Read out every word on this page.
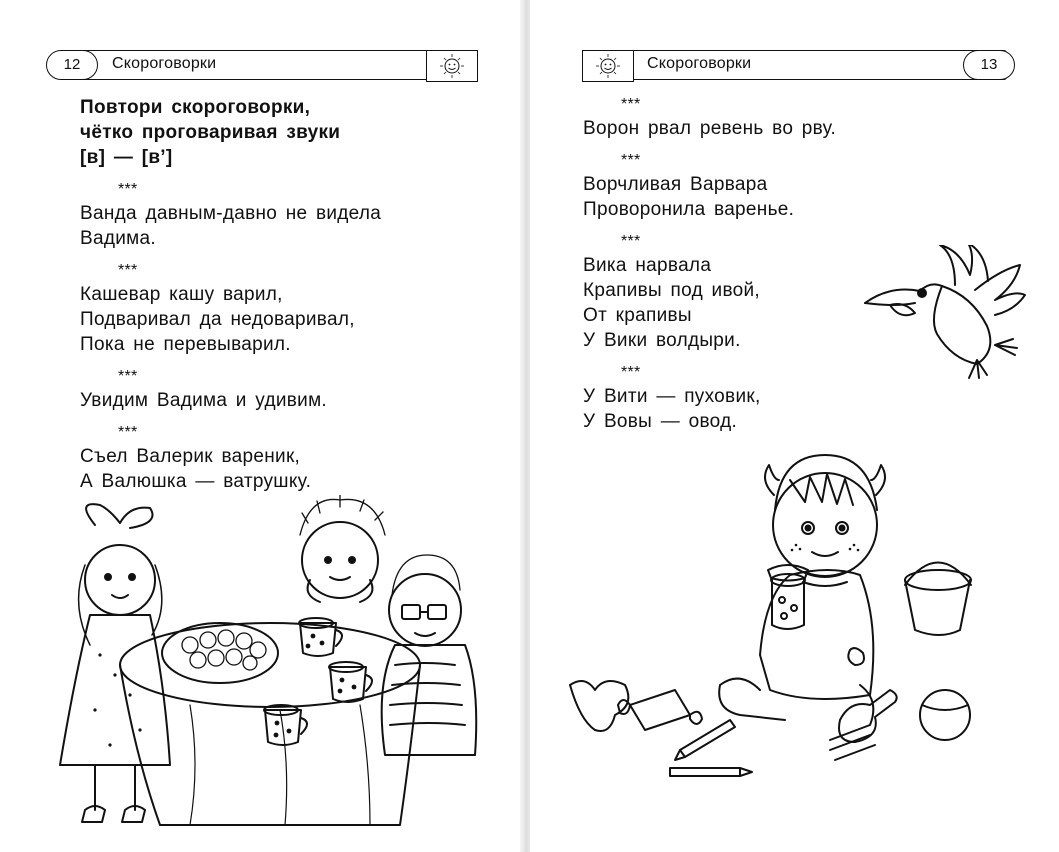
12	Скороговорки
Повтори скороговорки,
чётко проговаривая звуки
[в] — [в’]
***
Ванда давным-давно не видела
Вадима.
***
Кашевар кашу варил,
Подваривал да недоваривал,
Пока не перевыварил.
***
Увидим Вадима и удивим.
***
Съел Валерик вареник,
А Валюшка — ватрушку.
Скороговорки	13
***
Ворон рвал ревень во рву.
***
Ворчливая Варвара
Проворонила варенье.
***
Вика нарвала
Крапивы под ивой,
От крапивы
У Вики волдыри.
***
У Вити — пуховик,
У Вовы — овод.
